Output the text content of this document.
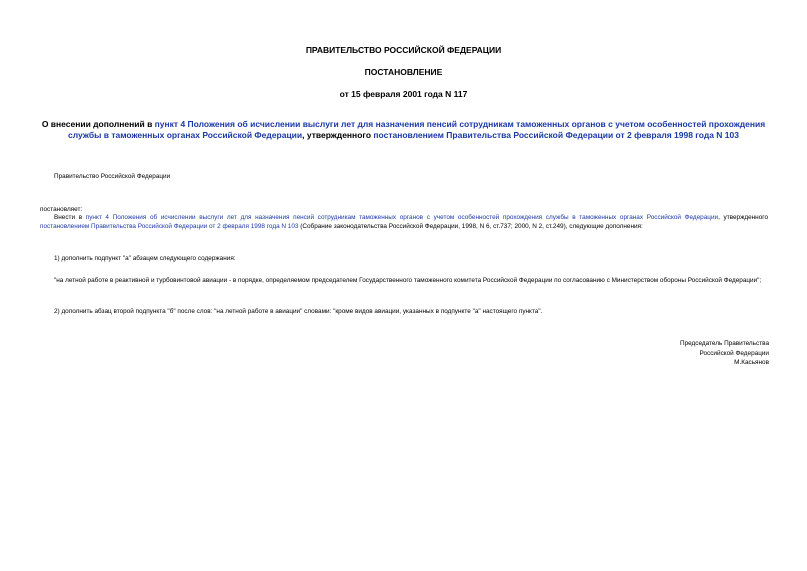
ПРАВИТЕЛЬСТВО РОССИЙСКОЙ ФЕДЕРАЦИИ
ПОСТАНОВЛЕНИЕ
от 15 февраля 2001 года N 117
О внесении дополнений в пункт 4 Положения об исчислении выслуги лет для назначения пенсий сотрудникам таможенных органов с учетом особенностей прохождения службы в таможенных органах Российской Федерации, утвержденного постановлением Правительства Российской Федерации от 2 февраля 1998 года N 103
Правительство Российской Федерации
постановляет:
Внести в пункт 4 Положения об исчислении выслуги лет для назначения пенсий сотрудникам таможенных органов с учетом особенностей прохождения службы в таможенных органах Российской Федерации, утвержденного постановлением Правительства Российской Федерации от 2 февраля 1998 года N 103 (Собрание законодательства Российской Федерации, 1998, N 6, ст.737; 2000, N 2, ст.249), следующие дополнения:
1) дополнить подпункт "а" абзацем следующего содержания:
"на летной работе в реактивной и турбовинтовой авиации - в порядке, определяемом председателем Государственного таможенного комитета Российской Федерации по согласованию с Министерством обороны Российской Федерации";
2) дополнить абзац второй подпункта "б" после слов: "на летной работе в авиации" словами: "кроме видов авиации, указанных в подпункте "а" настоящего пункта".
Председатель Правительства
Российской Федерации
М.Касьянов
